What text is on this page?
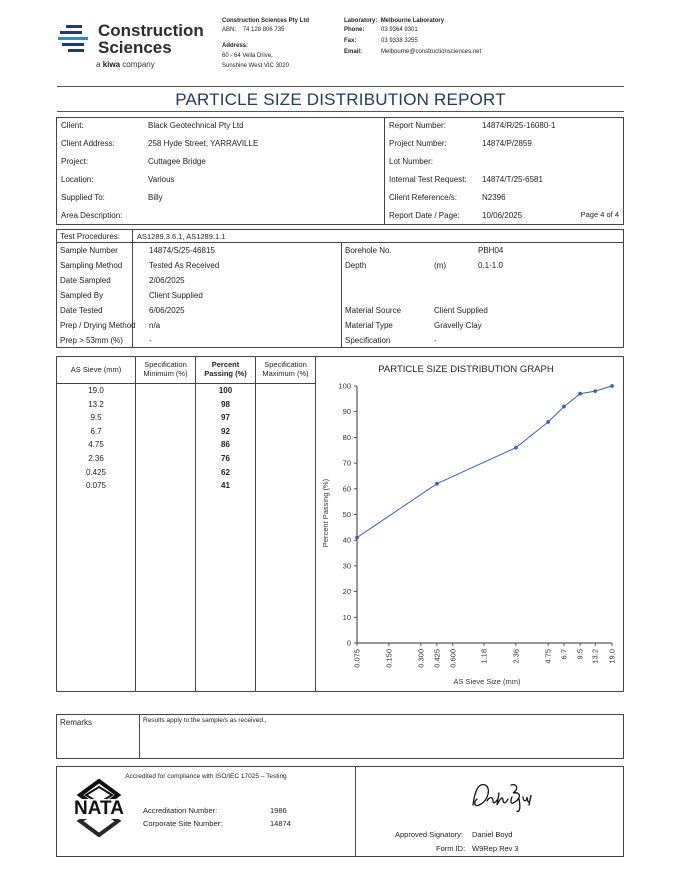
Construction
Sciences
a kiwa company
Construction Sciences Pty Ltd
ABN: 74 128 806 735
Address:
60 - 64 Vella Drive,
Sunshine West VIC 3020
Laboratory: Melbourne Laboratory
Phone:	03 9364 9301
Fax:	03 9338 3255
Email:	Melbourne@constructionsciences.net
PARTICLE SIZE DISTRIBUTION REPORT
Client:	Black Geotechnical Pty Ltd
Client Address:	258 Hyde Street, YARRAVILLE
Project:	Cuttagee Bridge
Location:	Various
Supplied To:	Billy
Area Description:
Report Number:	14874/R/25-16080-1
Project Number:	14874/P/2859
Lot Number:
Internal Test Request: 14874/T/25-6581
Client Reference/s:	N2396
Report Date / Page:	10/06/2025	Page 4 of 4
Test Procedures: AS1289.3.6.1, AS1289.1.1
Sample Number	14874/S/25-46815
Sampling Method	Tested As Received
Date Sampled	2/06/2025
Sampled By	Client Supplied
Date Tested	6/06/2025
Prep / Drying Method n/a
Prep > 53mm (%)	-
Borehole No.	PBH04
Depth	(m)	0.1-1.0
Material Source	Client Supplied
Material Type	Gravelly Clay
Specification	-
AS Sieve (mm)
Specification
Minimum (%)
Percent
Passing (%)
Specification
Maximum (%)
19.0	100
13.2	98
9.5	97
6.7	92
4.75	86
2.36	76
0.425	62
0.075	41
PARTICLE SIZE DISTRIBUTION GRAPH
Percent Passing (%)
AS Sieve Size (mm)
0
10
20
30
40
50
60
70
80
90
100
0.075	0.150	0.300 0.425 0.600	1.18	2.36	4.75 6.7 9.5 13.2 19.0
Remarks	Results apply to the sample/s as received.,
Accredited for compliance with ISO/IEC 17025 – Testing
NATA	Accreditation Number:	1986
Corporate Site Number:	14874
Approved Signatory: Daniel Boyd
Form ID: W9Rep Rev 3
